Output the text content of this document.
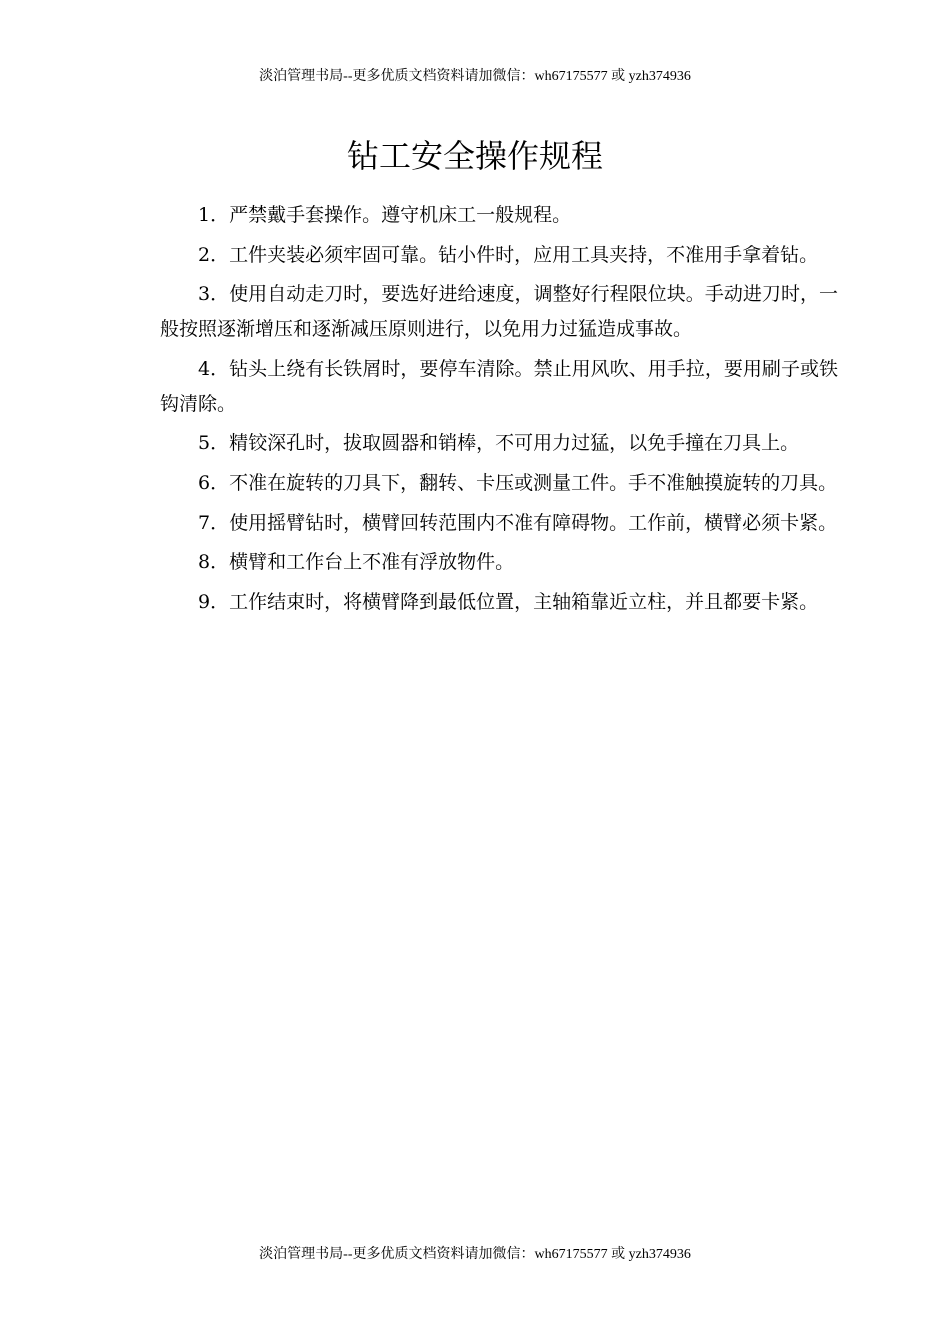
淡泊管理书局--更多优质文档资料请加微信：wh67175577 或 yzh374936
钻工安全操作规程

1．严禁戴手套操作。遵守机床工一般规程。

2．工件夹装必须牢固可靠。钻小件时，应用工具夹持，不准用手拿着钻。

3．使用自动走刀时，要选好进给速度，调整好行程限位块。手动进刀时，一般按照逐渐增压和逐渐减压原则进行，以免用力过猛造成事故。

4．钻头上绕有长铁屑时，要停车清除。禁止用风吹、用手拉，要用刷子或铁钩清除。

5．精铰深孔时，拔取圆器和销棒，不可用力过猛，以免手撞在刀具上。

6．不准在旋转的刀具下，翻转、卡压或测量工件。手不准触摸旋转的刀具。

7．使用摇臂钻时，横臂回转范围内不准有障碍物。工作前，横臂必须卡紧。

8．横臂和工作台上不准有浮放物件。

9．工作结束时，将横臂降到最低位置，主轴箱靠近立柱，并且都要卡紧。

淡泊管理书局--更多优质文档资料请加微信：wh67175577 或 yzh374936
